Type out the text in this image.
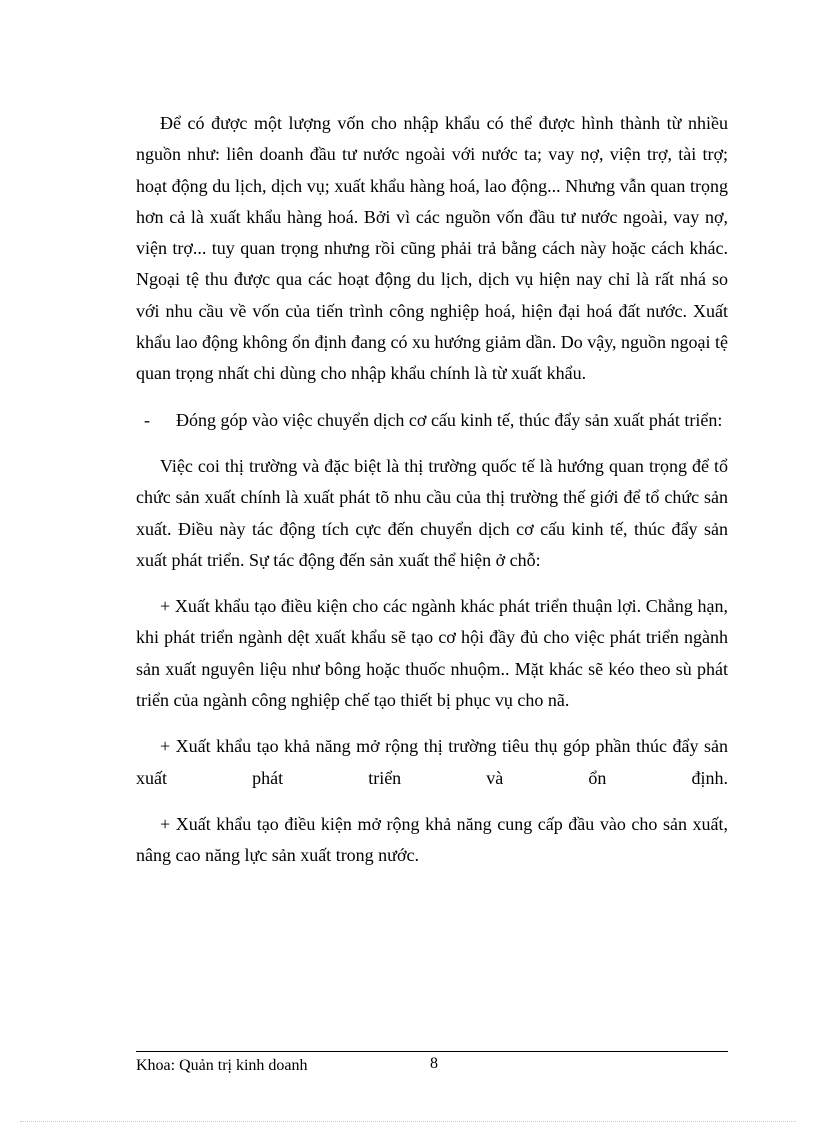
Để có được một lượng vốn cho nhập khẩu có thể được hình thành từ nhiều nguồn như: liên doanh đầu tư nước ngoài với nước ta; vay nợ, viện trợ, tài trợ; hoạt động du lịch, dịch vụ; xuất khẩu hàng hoá, lao động... Nhưng vẫn quan trọng hơn cả là xuất khẩu hàng hoá. Bởi vì các nguồn vốn đầu tư nước ngoài, vay nợ, viện trợ... tuy quan trọng nhưng rồi cũng phải trả bằng cách này hoặc cách khác. Ngoại tệ thu được qua các hoạt động du lịch, dịch vụ hiện nay chỉ là rất nhá so với nhu cầu về vốn của tiến trình công nghiệp hoá, hiện đại hoá đất nước. Xuất khẩu lao động không ổn định đang có xu hướng giảm dần. Do vậy, nguồn ngoại tệ quan trọng nhất chi dùng cho nhập khẩu chính là từ xuất khẩu.

- Đóng góp vào việc chuyển dịch cơ cấu kinh tế, thúc đẩy sản xuất phát triển:

Việc coi thị trường và đặc biệt là thị trường quốc tế là hướng quan trọng để tổ chức sản xuất chính là xuất phát tõ nhu cầu của thị trường thế giới để tổ chức sản xuất. Điều này tác động tích cực đến chuyển dịch cơ cấu kinh tế, thúc đẩy sản xuất phát triển. Sự tác động đến sản xuất thể hiện ở chỗ:

+ Xuất khẩu tạo điều kiện cho các ngành khác phát triển thuận lợi. Chẳng hạn, khi phát triển ngành dệt xuất khẩu sẽ tạo cơ hội đầy đủ cho việc phát triển ngành sản xuất nguyên liệu như bông hoặc thuốc nhuộm.. Mặt khác sẽ kéo theo sù phát triển của ngành công nghiệp chế tạo thiết bị phục vụ cho nã.

+ Xuất khẩu tạo khả năng mở rộng thị trường tiêu thụ góp phần thúc đẩy sản xuất phát triển và ổn định.

+ Xuất khẩu tạo điều kiện mở rộng khả năng cung cấp đầu vào cho sản xuất, nâng cao năng lực sản xuất trong nước.

Khoa: Quản trị kinh doanh	8
